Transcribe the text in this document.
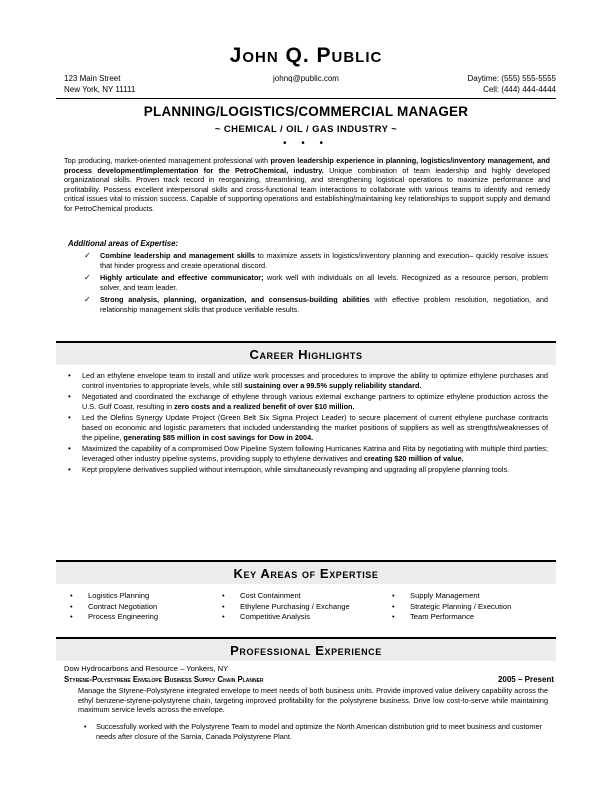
John Q. Public
123 Main Street
New York, NY 11111
johnq@public.com	Daytime: (555) 555-5555
Cell: (444) 444-4444
PLANNING/LOGISTICS/COMMERCIAL MANAGER
~ CHEMICAL / OIL / GAS INDUSTRY ~
• • •
Top producing, market-oriented management professional with proven leadership experience in planning, logistics/inventory management, and process development/implementation for the PetroChemical, industry. Unique combination of team leadership and highly developed organizational skills. Proven track record in reorganizing, streamlining, and strengthening logistical operations to maximize performance and profitability. Possess excellent interpersonal skills and cross-functional team interactions to collaborate with various teams to identify and remedy critical issues vital to mission success. Capable of supporting operations and establishing/maintaining key relationships to support supply and demand for PetroChemical products.
Additional areas of Expertise:
✓ Combine leadership and management skills to maximize assets in logistics/inventory planning and execution– quickly resolve issues that hinder progress and create operational discord.
✓ Highly articulate and effective communicator; work well with individuals on all levels. Recognized as a resource person, problem solver, and team leader.
✓ Strong analysis, planning, organization, and consensus-building abilities with effective problem resolution, negotiation, and relationship management skills that produce verifiable results.
Career Highlights
• Led an ethylene envelope team to install and utilize work processes and procedures to improve the ability to optimize ethylene purchases and control inventories to appropriate levels, while still sustaining over a 99.5% supply reliability standard.
• Negotiated and coordinated the exchange of ethylene through various external exchange partners to optimize ethylene production across the U.S. Gulf Coast, resulting in zero costs and a realized benefit of over $10 million.
• Led the Olefins Synergy Update Project (Green Belt Six Sigma Project Leader) to secure placement of current ethylene purchase contracts based on economic and logistic parameters that included understanding the market positions of suppliers as well as strengths/weaknesses of the pipeline, generating $85 million in cost savings for Dow in 2004.
• Maximized the capability of a compromised Dow Pipeline System following Hurricanes Katrina and Rita by negotiating with multiple third parties; leveraged other industry pipeline systems, providing supply to ethylene derivatives and creating $20 million of value.
• Kept propylene derivatives supplied without interruption, while simultaneously revamping and upgrading all propylene planning tools.
Key Areas of Expertise
• Logistics Planning
• Contract Negotiation
• Process Engineering
• Cost Containment
• Ethylene Purchasing / Exchange
• Competitive Analysis
• Supply Management
• Strategic Planning / Execution
• Team Performance
Professional Experience
Dow Hydrocarbons and Resource – Yonkers, NY
Styrene-Polystyrene Envelope Business Supply Chain Planner	2005 – Present
Manage the Styrene-Polystyrene integrated envelope to meet needs of both business units. Provide improved value delivery capability across the ethyl benzene-styrene-polystyrene chain, targeting improved profitability for the polystyrene business. Drive low cost-to-serve while maintaining maximum service levels across the envelope.
• Successfully worked with the Polystyrene Team to model and optimize the North American distribution grid to meet business and customer needs after closure of the Sarnia, Canada Polystyrene Plant.
